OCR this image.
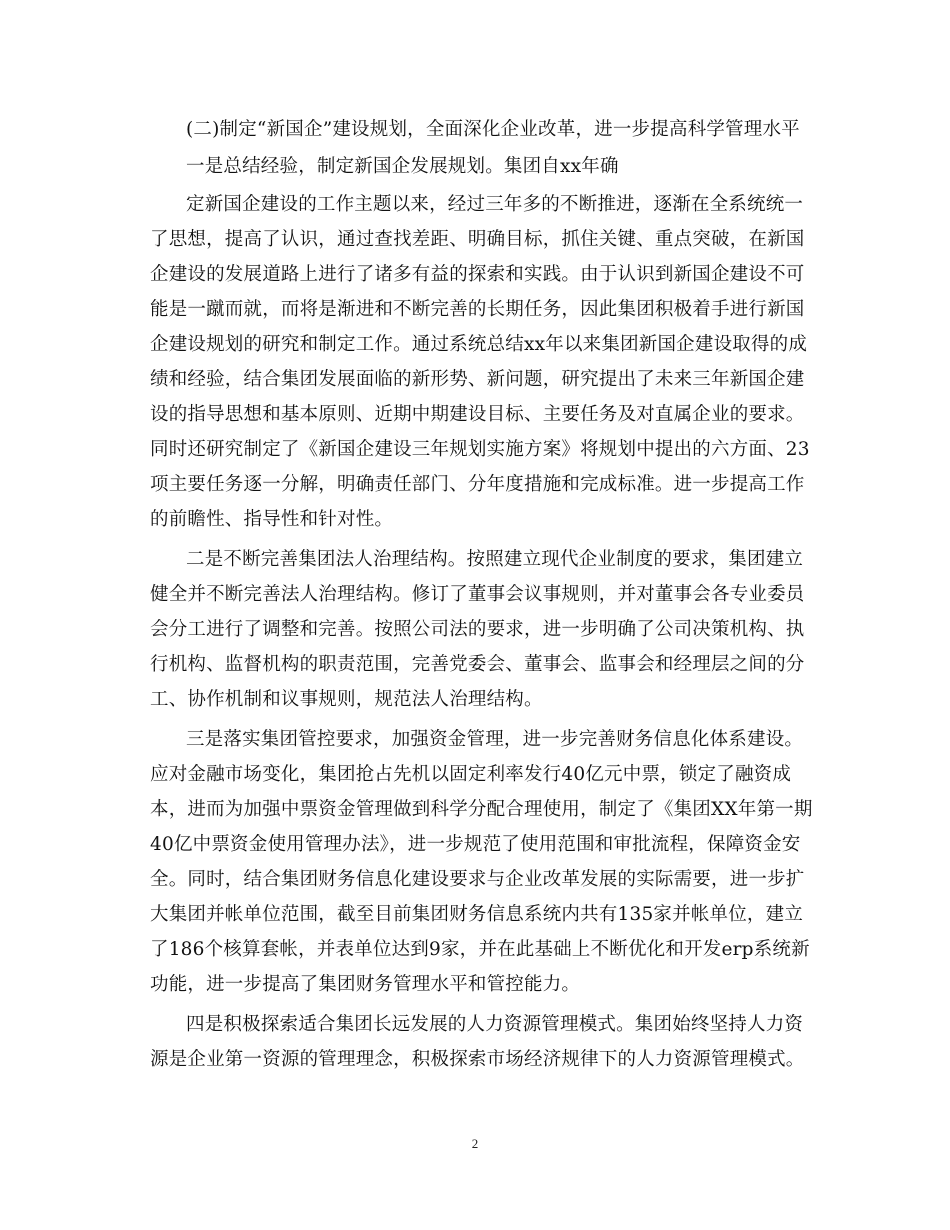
(二)制定“新国企”建设规划，全面深化企业改革，进一步提高科学管理水平
一是总结经验，制定新国企发展规划。集团自xx年确
定新国企建设的工作主题以来，经过三年多的不断推进，逐渐在全系统统一
了思想，提高了认识，通过查找差距、明确目标，抓住关键、重点突破，在新国
企建设的发展道路上进行了诸多有益的探索和实践。由于认识到新国企建设不可
能是一蹴而就，而将是渐进和不断完善的长期任务，因此集团积极着手进行新国
企建设规划的研究和制定工作。通过系统总结xx年以来集团新国企建设取得的成
绩和经验，结合集团发展面临的新形势、新问题，研究提出了未来三年新国企建
设的指导思想和基本原则、近期中期建设目标、主要任务及对直属企业的要求。
同时还研究制定了《新国企建设三年规划实施方案》将规划中提出的六方面、23
项主要任务逐一分解，明确责任部门、分年度措施和完成标准。进一步提高工作
的前瞻性、指导性和针对性。
二是不断完善集团法人治理结构。按照建立现代企业制度的要求，集团建立
健全并不断完善法人治理结构。修订了董事会议事规则，并对董事会各专业委员
会分工进行了调整和完善。按照公司法的要求，进一步明确了公司决策机构、执
行机构、监督机构的职责范围，完善党委会、董事会、监事会和经理层之间的分
工、协作机制和议事规则，规范法人治理结构。
三是落实集团管控要求，加强资金管理，进一步完善财务信息化体系建设。
应对金融市场变化，集团抢占先机以固定利率发行40亿元中票，锁定了融资成
本，进而为加强中票资金管理做到科学分配合理使用，制定了《集团XX年第一期
40亿中票资金使用管理办法》，进一步规范了使用范围和审批流程，保障资金安
全。同时，结合集团财务信息化建设要求与企业改革发展的实际需要，进一步扩
大集团并帐单位范围，截至目前集团财务信息系统内共有135家并帐单位，建立
了186个核算套帐，并表单位达到9家，并在此基础上不断优化和开发erp系统新
功能，进一步提高了集团财务管理水平和管控能力。
四是积极探索适合集团长远发展的人力资源管理模式。集团始终坚持人力资
源是企业第一资源的管理理念，积极探索市场经济规律下的人力资源管理模式。
2
